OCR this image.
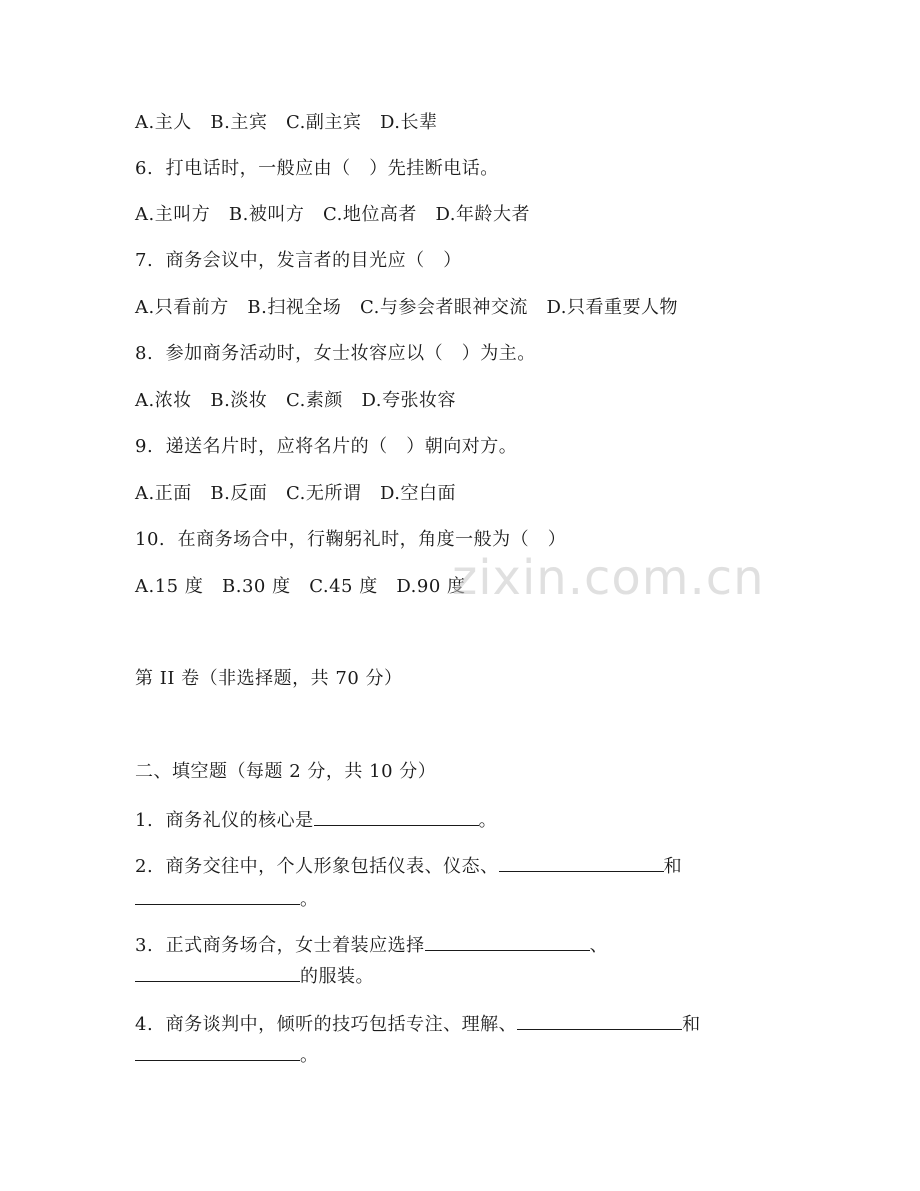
A.主人   B.主宾   C.副主宾   D.长辈
6.  打电话时，一般应由（   ）先挂断电话。
A.主叫方   B.被叫方   C.地位高者   D.年龄大者
7.  商务会议中，发言者的目光应（   ）
A.只看前方   B.扫视全场   C.与参会者眼神交流   D.只看重要人物
8.  参加商务活动时，女士妆容应以（   ）为主。
A.浓妆   B.淡妆   C.素颜   D.夸张妆容
9.  递送名片时，应将名片的（   ）朝向对方。
A.正面   B.反面   C.无所谓   D.空白面
10.  在商务场合中，行鞠躬礼时，角度一般为（   ）
A.15 度   B.30 度   C.45 度   D.90 度
第 II 卷（非选择题，共 70 分）
二、填空题（每题 2 分，共 10 分）
1.  商务礼仪的核心是	。
2.  商务交往中，个人形象包括仪表、仪态、	和
。
3.  正式商务场合，女士着装应选择	、
的服装。
4.  商务谈判中，倾听的技巧包括专注、理解、	和
。
zixin.com.cn
